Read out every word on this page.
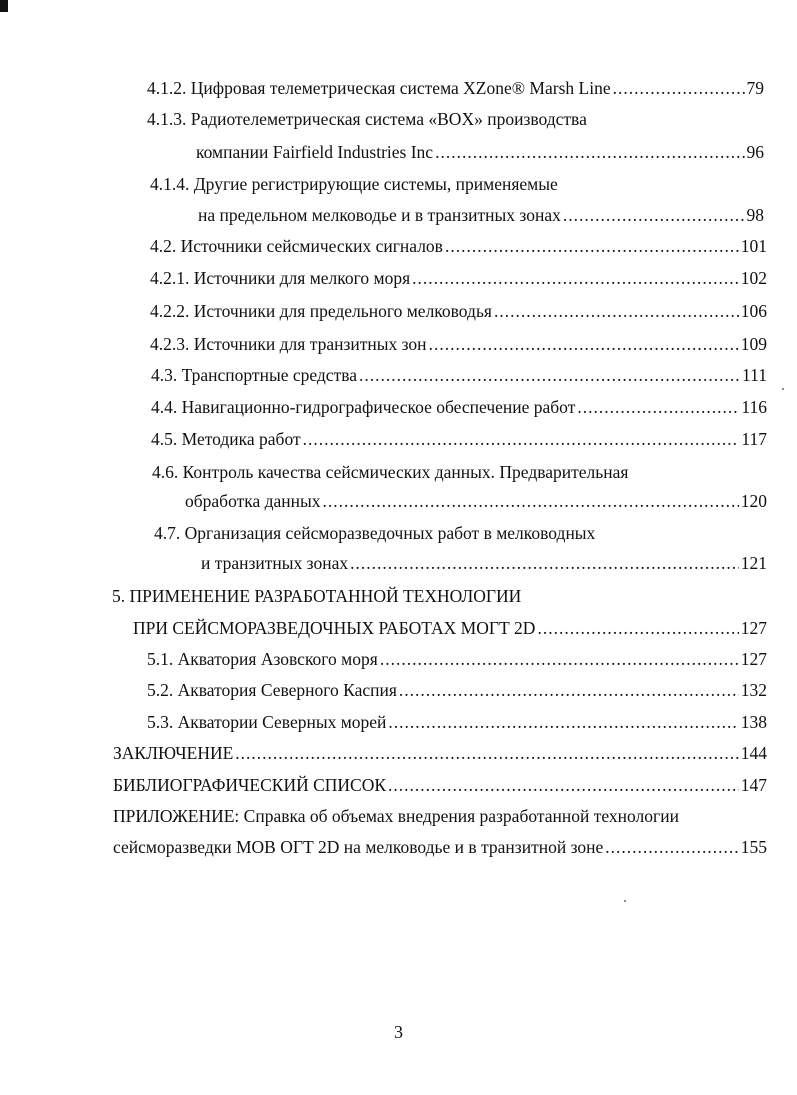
4.1.2. Цифровая телеметрическая система XZone® Marsh Line .....	79
4.1.3. Радиотелеметрическая система «BOX» производства
компании Fairfield Industries Inc .....	96
4.1.4. Другие регистрирующие системы, применяемые
на предельном мелководье и в транзитных зонах .....	98
4.2. Источники сейсмических сигналов .....	101
4.2.1. Источники для мелкого моря .....	102
4.2.2. Источники для предельного мелководья .....	106
4.2.3. Источники для транзитных зон .....	109
4.3. Транспортные средства .....	111
4.4. Навигационно-гидрографическое обеспечение работ .....	116
4.5. Методика работ .....	117
4.6. Контроль качества сейсмических данных. Предварительная
обработка данных .....	120
4.7. Организация сейсморазведочных работ в мелководных
и транзитных зонах .....	121
5. ПРИМЕНЕНИЕ РАЗРАБОТАННОЙ ТЕХНОЛОГИИ
ПРИ СЕЙСМОРАЗВЕДОЧНЫХ РАБОТАХ МОГТ 2D .....	127
5.1. Акватория Азовского моря .....	127
5.2. Акватория Северного Каспия .....	132
5.3. Акватории Северных морей .....	138
ЗАКЛЮЧЕНИЕ .....	144
БИБЛИОГРАФИЧЕСКИЙ СПИСОК .....	147
ПРИЛОЖЕНИЕ: Справка об объемах внедрения разработанной технологии
сейсморазведки МОВ ОГТ 2D на мелководье и в транзитной зоне .....	155
3
